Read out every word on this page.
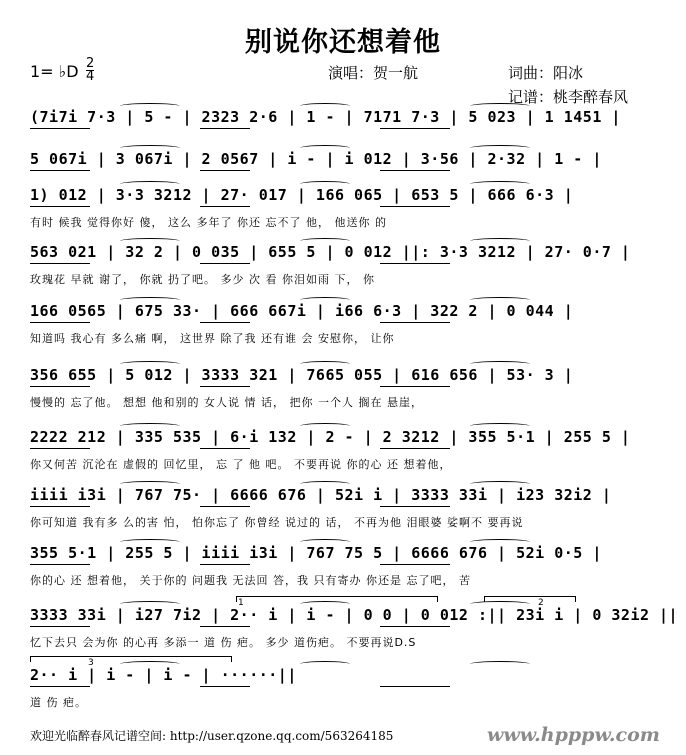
别说你还想着他
1= ♭D 2
4	演唱：贺一航	词曲：阳冰
记谱：桃李醉春风
(7i7i 7·3 | 5 - | 2323 2·6 | 1 - | 7171 7·3 | 5 023 | 1 1451 |
5 067i | 3 067i | 2 0567 | i - | i 012 | 3·56 | 2·32 | 1 - |
1) 012 | 3·3 3212 | 27· 017 | 166 065 | 653 5 | 666 6·3 |
有时 候我 觉得你好 傻， 这么 多年了 你还 忘不了 他， 他送你 的
563 021 | 32 2 | 0 035 | 655 5 | 0 012 ||: 3·3 3212 | 27· 0·7 |
玫瑰花 早就 谢了， 你就 扔了吧。 多少 次 看 你泪如雨 下， 你
166 0565 | 675 33· | 666 667i | i66 6·3 | 322 2 | 0 044 |
知道吗 我心有 多么痛 啊， 这世界 除了我 还有谁 会 安慰你， 让你
356 655 | 5 012 | 3333 321 | 7665 055 | 616 656 | 53· 3 |
慢慢的 忘了他。 想想 他和别的 女人说 情 话， 把你 一个人 搁在 悬崖，
2222 212 | 335 535 | 6·i 132 | 2 - | 2 3212 | 355 5·1 | 255 5 |
你又何苦 沉沦在 虚假的 回忆里， 忘 了 他 吧。 不要再说 你的心 还 想着他，
iiii i3i | 767 75· | 6666 676 | 52i i | 3333 33i | i23 32i2 |
你可知道 我有多 么的害 怕， 怕你忘了 你曾经 说过的 话， 不再为他 泪眼婆 娑啊不 要再说
355 5·1 | 255 5 | iiii i3i | 767 75 5 | 6666 676 | 52i 0·5 |
你的心 还 想着他， 关于你的 问题我 无法回 答，我 只有寄办 你还是 忘了吧， 苦
3333 33i | i27 7i2 | 2·· i | i - | 0 0 | 0 012 :|| 23i i | 0 32i2 ||
忆下去只 会为你 的心再 多添一 道 伤 疤。 多少 道伤疤。 不要再说D.S
2·· i | i - | i - | ······||
道 伤 疤。
1	2
3
欢迎光临醉春风记谱空间: http://user.qzone.qq.com/563264185	www.hpppw.com
